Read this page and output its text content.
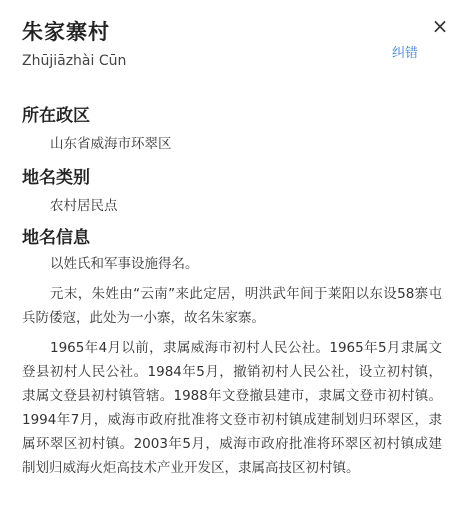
朱家寨村
Zhūjiāzhài Cūn
×
纠错
所在政区
山东省威海市环翠区
地名类别
农村居民点
地名信息

以姓氏和军事设施得名。

元末，朱姓由“云南”来此定居，明洪武年间于莱阳以东设58寨屯兵防倭寇，此处为一小寨，故名朱家寨。

1965年4月以前，隶属威海市初村人民公社。1965年5月隶属文登县初村人民公社。1984年5月，撤销初村人民公社，设立初村镇，隶属文登县初村镇管辖。1988年文登撤县建市，隶属文登市初村镇。1994年7月，威海市政府批准将文登市初村镇成建制划归环翠区，隶属环翠区初村镇。2003年5月，威海市政府批准将环翠区初村镇成建制划归威海火炬高技术产业开发区，隶属高技区初村镇。
